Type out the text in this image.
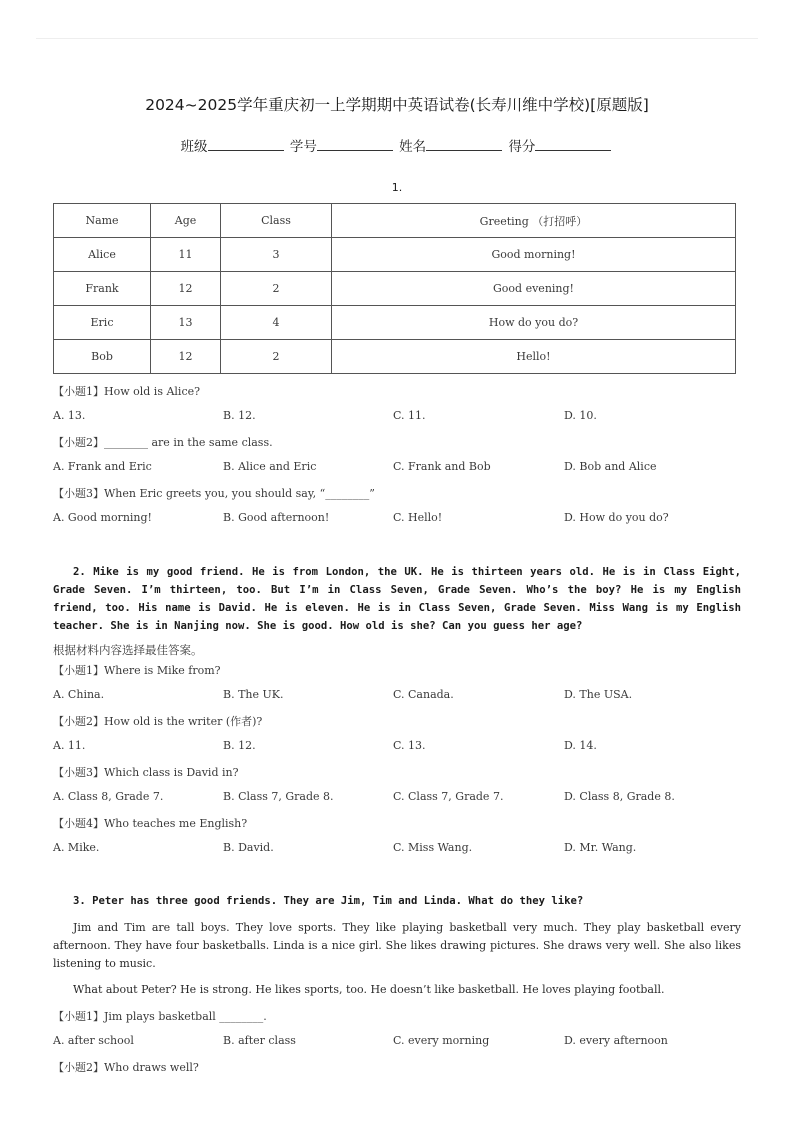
2024~2025学年重庆初一上学期期中英语试卷(长寿川维中学校)[原题版]
班级	学号	姓名	得分
1.
Name	Age	Class	Greeting （打招呼）
Alice	11	3	Good morning!
Frank	12	2	Good evening!
Eric	13	4	How do you do?
Bob	12	2	Hello!
【小题1】How old is Alice?
A. 13.	B. 12.	C. 11.	D. 10.
【小题2】________ are in the same class.
A. Frank and Eric	B. Alice and Eric	C. Frank and Bob	D. Bob and Alice
【小题3】When Eric greets you, you should say, “________”
A. Good morning!	B. Good afternoon!	C. Hello!	D. How do you do?
2. Mike is my good friend. He is from London, the UK. He is thirteen years old. He is in Class Eight, Grade Seven. I’m thirteen, too. But I’m in Class Seven, Grade Seven. Who’s the boy? He is my English friend, too. His name is David. He is eleven. He is in Class Seven, Grade Seven. Miss Wang is my English teacher. She is in Nanjing now. She is good. How old is she? Can you guess her age?
根据材料内容选择最佳答案。
【小题1】Where is Mike from?
A. China.	B. The UK.	C. Canada.	D. The USA.
【小题2】How old is the writer (作者)?
A. 11.	B. 12.	C. 13.	D. 14.
【小题3】Which class is David in?
A. Class 8, Grade 7.	B. Class 7, Grade 8.	C. Class 7, Grade 7.	D. Class 8, Grade 8.
【小题4】Who teaches me English?
A. Mike.	B. David.	C. Miss Wang.	D. Mr. Wang.
3. Peter has three good friends. They are Jim, Tim and Linda. What do they like?
Jim and Tim are tall boys. They love sports. They like playing basketball very much. They play basketball every afternoon. They have four basketballs. Linda is a nice girl. She likes drawing pictures. She draws very well. She also likes listening to music.
What about Peter? He is strong. He likes sports, too. He doesn’t like basketball. He loves playing football.
【小题1】Jim plays basketball ________.
A. after school	B. after class	C. every morning	D. every afternoon
【小题2】Who draws well?
